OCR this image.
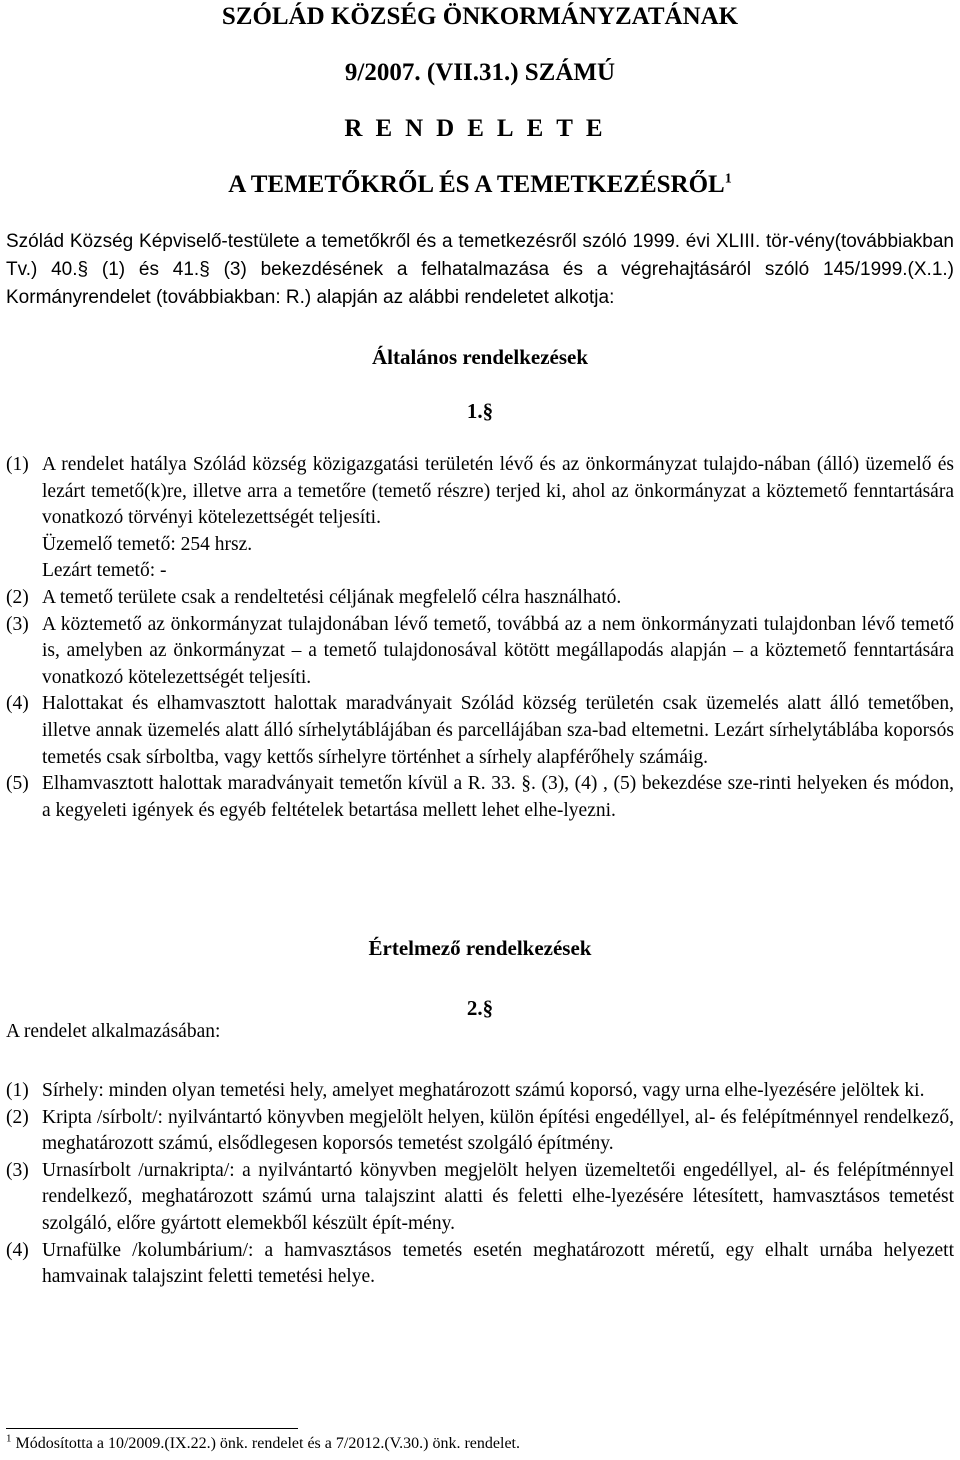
SZÓLÁD KÖZSÉG ÖNKORMÁNYZATÁNAK

9/2007. (VII.31.) SZÁMÚ

RENDELETE

A TEMETŐKRŐL ÉS A TEMETKEZÉSRŐL$^1$

Szólád Község Képviselő-testülete a temetőkről és a temetkezésről szóló 1999. évi XLIII. tör-vény(továbbiakban Tv.) 40.§ (1) és 41.§ (3) bekezdésének a felhatalmazása és a végrehajtásáról szóló 145/1999.(X.1.) Kormányrendelet (továbbiakban: R.) alapján az alábbi rendeletet alkotja:

Általános rendelkezések

1.§

(1) A rendelet hatálya Szólád község közigazgatási területén lévő és az önkormányzat tulajdo-nában (álló) üzemelő és lezárt temető(k)re, illetve arra a temetőre (temető részre) terjed ki, ahol az önkormányzat a köztemető fenntartására vonatkozó törvényi kötelezettségét teljesíti.
Üzemelő temető: 254 hrsz.
Lezárt temető: -
(2) A temető területe csak a rendeltetési céljának megfelelő célra használható.
(3) A köztemető az önkormányzat tulajdonában lévő temető, továbbá az a nem önkormányzati tulajdonban lévő temető is, amelyben az önkormányzat – a temető tulajdonosával kötött megállapodás alapján – a köztemető fenntartására vonatkozó kötelezettségét teljesíti.
(4) Halottakat és elhamvasztott halottak maradványait Szólád község területén csak üzemelés alatt álló temetőben, illetve annak üzemelés alatt álló sírhelytáblájában és parcellájában sza-bad eltemetni. Lezárt sírhelytáblába koporsós temetés csak sírboltba, vagy kettős sírhelyre történhet a sírhely alapférőhely számáig.
(5) Elhamvasztott halottak maradványait temetőn kívül a R. 33. §. (3), (4) , (5) bekezdése sze-rinti helyeken és módon, a kegyeleti igények és egyéb feltételek betartása mellett lehet elhe-lyezni.

Értelmező rendelkezések

2.§

A rendelet alkalmazásában:

(1) Sírhely: minden olyan temetési hely, amelyet meghatározott számú koporsó, vagy urna elhe-lyezésére jelöltek ki.
(2) Kripta /sírbolt/: nyilvántartó könyvben megjelölt helyen, külön építési engedéllyel, al- és felépítménnyel rendelkező, meghatározott számú, elsődlegesen koporsós temetést szolgáló építmény.
(3) Urnasírbolt /urnakripta/: a nyilvántartó könyvben megjelölt helyen üzemeltetői engedéllyel, al- és felépítménnyel rendelkező, meghatározott számú urna talajszint alatti és feletti elhe-lyezésére létesített, hamvasztásos temetést szolgáló, előre gyártott elemekből készült épít-mény.
(4) Urnafülke /kolumbárium/: a hamvasztásos temetés esetén meghatározott méretű, egy elhalt urnába helyezett hamvainak talajszint feletti temetési helye.

$^1$ Módosította a 10/2009.(IX.22.) önk. rendelet és a 7/2012.(V.30.) önk. rendelet.
